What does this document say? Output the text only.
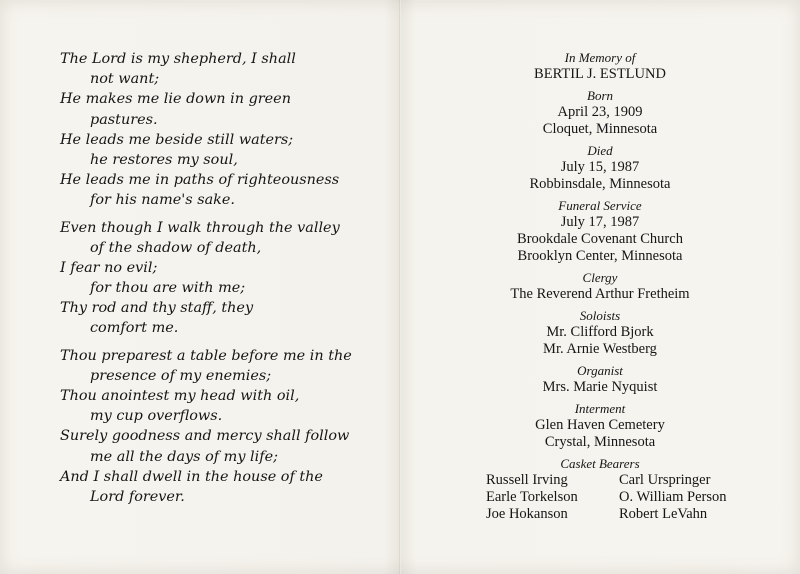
The Lord is my shepherd, I shall
not want;
He makes me lie down in green
pastures.
He leads me beside still waters;
he restores my soul,
He leads me in paths of righteousness
for his name's sake.
Even though I walk through the valley
of the shadow of death,
I fear no evil;
for thou are with me;
Thy rod and thy staff, they
comfort me.
Thou preparest a table before me in the
presence of my enemies;
Thou anointest my head with oil,
my cup overflows.
Surely goodness and mercy shall follow
me all the days of my life;
And I shall dwell in the house of the
Lord forever.
In Memory of
BERTIL J. ESTLUND
Born
April 23, 1909
Cloquet, Minnesota
Died
July 15, 1987
Robbinsdale, Minnesota
Funeral Service
July 17, 1987
Brookdale Covenant Church
Brooklyn Center, Minnesota
Clergy
The Reverend Arthur Fretheim
Soloists
Mr. Clifford Bjork
Mr. Arnie Westberg
Organist
Mrs. Marie Nyquist
Interment
Glen Haven Cemetery
Crystal, Minnesota
Casket Bearers
Russell Irving
Earle Torkelson
Joe Hokanson
Carl Urspringer
O. William Person
Robert LeVahn
